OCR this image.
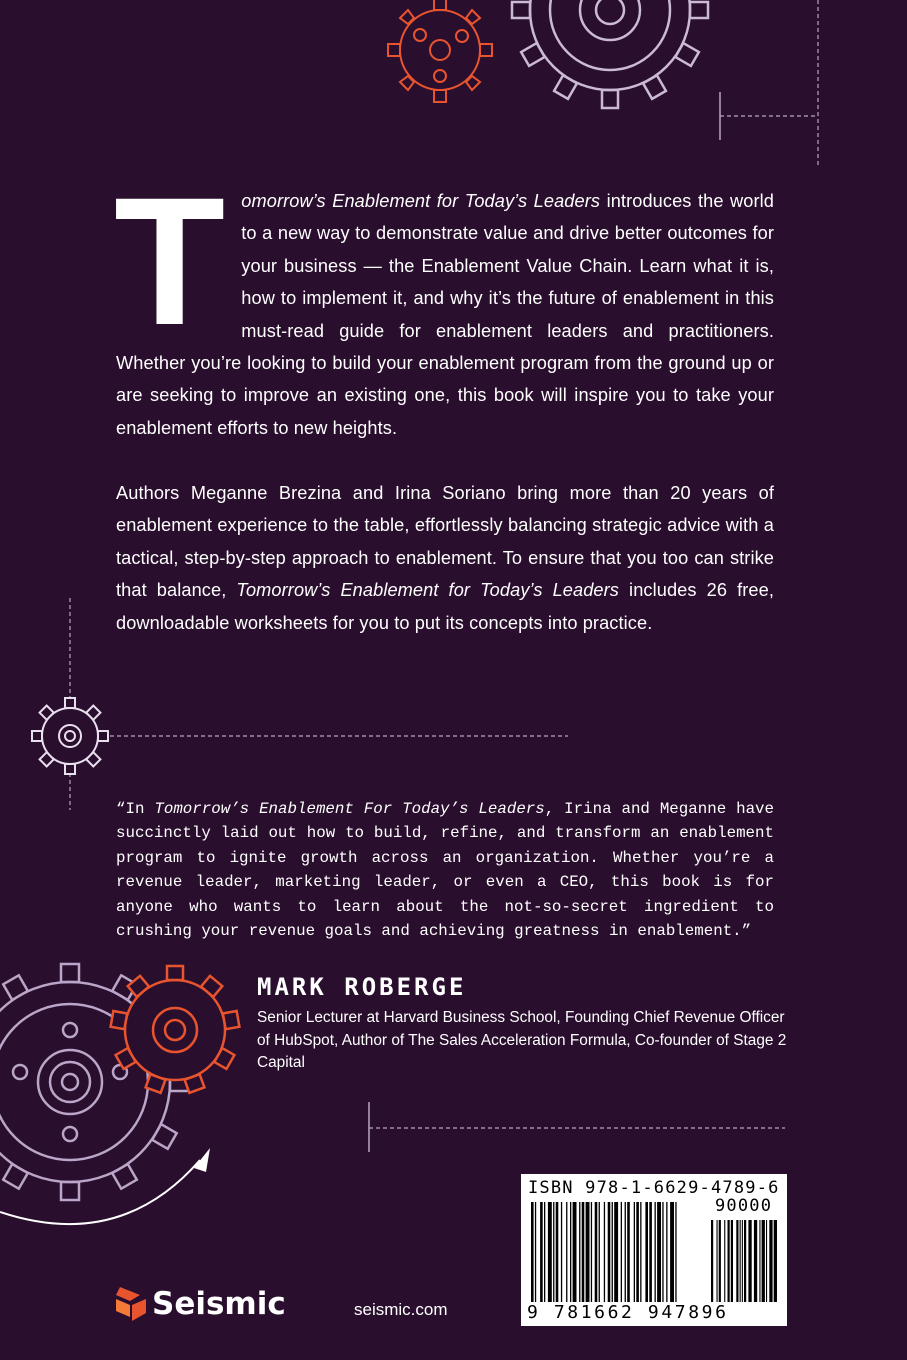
Tomorrow’s Enablement for Today’s Leaders introduces the world to a new way to demonstrate value and drive better outcomes for your business — the Enablement Value Chain. Learn what it is, how to implement it, and why it’s the future of enablement in this must-read guide for enablement leaders and practitioners. Whether you’re looking to build your enablement program from the ground up or are seeking to improve an existing one, this book will inspire you to take your enablement efforts to new heights.
Authors Meganne Brezina and Irina Soriano bring more than 20 years of enablement experience to the table, effortlessly balancing strategic advice with a tactical, step-by-step approach to enablement. To ensure that you too can strike that balance, Tomorrow’s Enablement for Today’s Leaders includes 26 free, downloadable worksheets for you to put its concepts into practice.
“In Tomorrow’s Enablement For Today’s Leaders, Irina and Meganne have succinctly laid out how to build, refine, and transform an enablement program to ignite growth across an organization. Whether you’re a revenue leader, marketing leader, or even a CEO, this book is for anyone who wants to learn about the not-so-secret ingredient to crushing your revenue goals and achieving greatness in enablement.”
MARK ROBERGE
Senior Lecturer at Harvard Business School, Founding Chief Revenue Officer of HubSpot, Author of The Sales Acceleration Formula, Co-founder of Stage 2 Capital
Seismic	seismic.com
ISBN 978-1-6629-4789-6
90000
9 781662 947896
